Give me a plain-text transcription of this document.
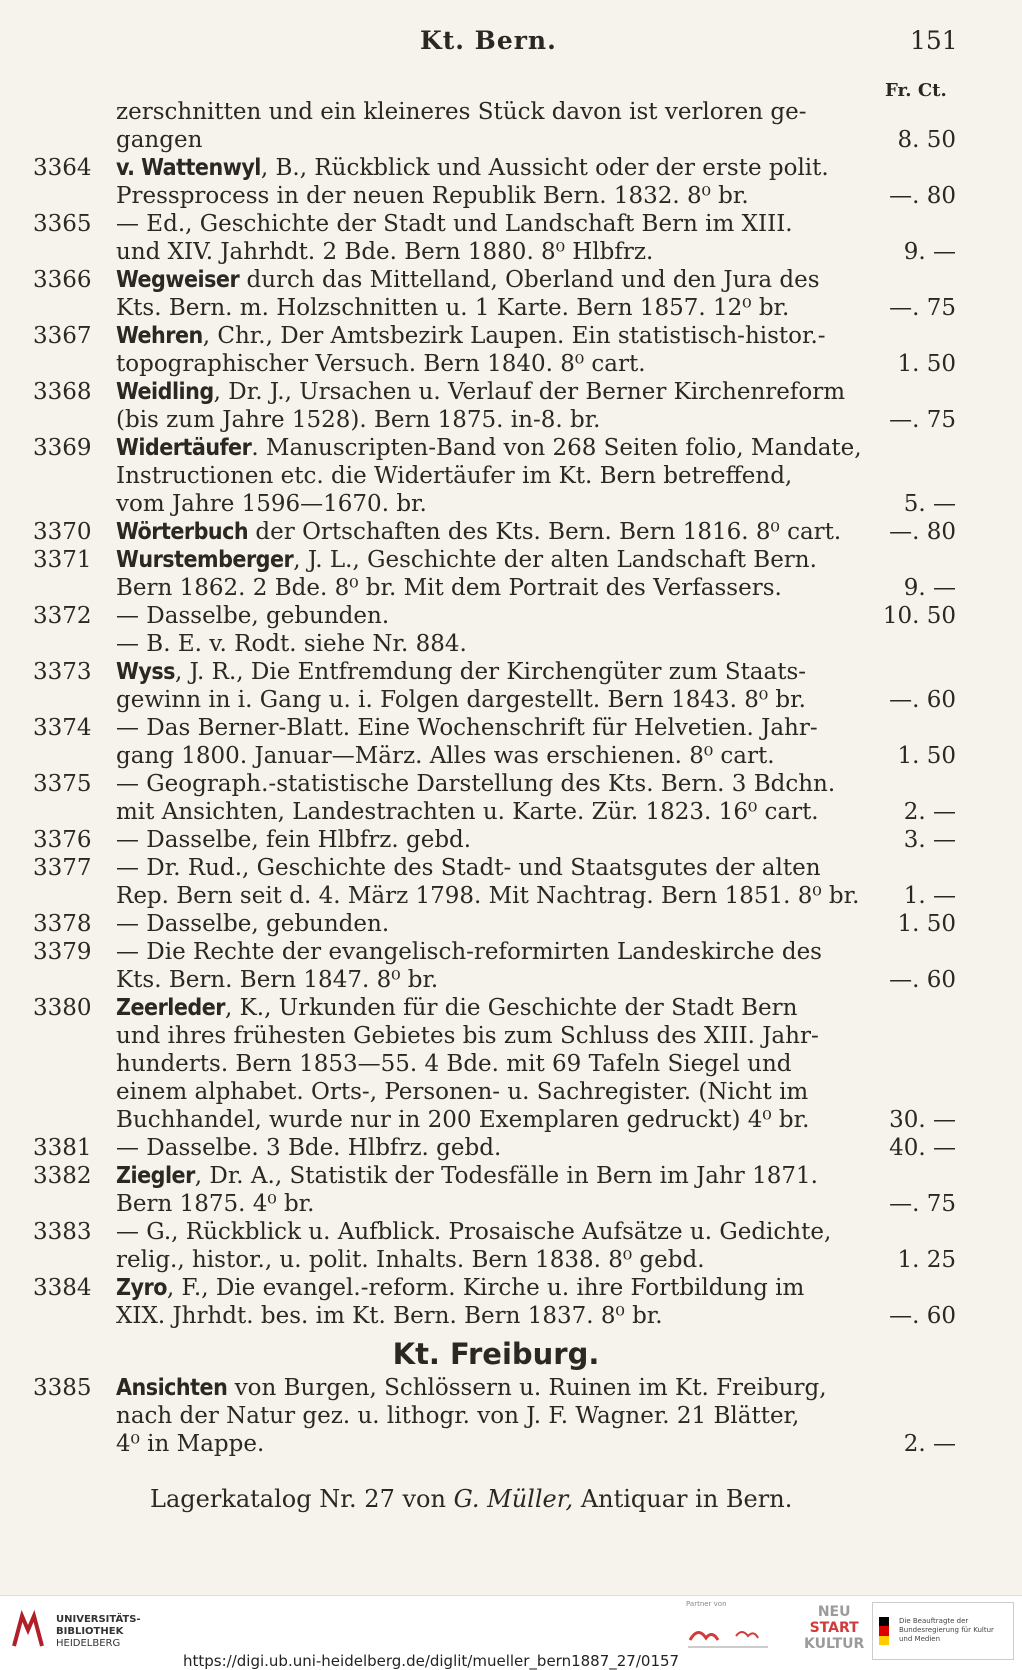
Kt. Bern.	151
Fr. Ct.
zerschnitten und ein kleineres Stück davon ist verloren ge-
gangen	8. 50
3364 v. Wattenwyl, B., Rückblick und Aussicht oder der erste polit.
Pressprocess in der neuen Republik Bern. 1832. 8⁰ br.	—. 80
3365 — Ed., Geschichte der Stadt und Landschaft Bern im XIII.
und XIV. Jahrhdt. 2 Bde. Bern 1880. 8⁰ Hlbfrz.	9. —
3366 Wegweiser durch das Mittelland, Oberland und den Jura des
Kts. Bern. m. Holzschnitten u. 1 Karte. Bern 1857. 12⁰ br.	—. 75
3367 Wehren, Chr., Der Amtsbezirk Laupen. Ein statistisch-histor.-
topographischer Versuch. Bern 1840. 8⁰ cart.	1. 50
3368 Weidling, Dr. J., Ursachen u. Verlauf der Berner Kirchenreform
(bis zum Jahre 1528). Bern 1875. in-8. br.	—. 75
3369 Widertäufer. Manuscripten-Band von 268 Seiten folio, Mandate,
Instructionen etc. die Widertäufer im Kt. Bern betreffend,
vom Jahre 1596—1670. br.	5. —
3370 Wörterbuch der Ortschaften des Kts. Bern. Bern 1816. 8⁰ cart.	—. 80
3371 Wurstemberger, J. L., Geschichte der alten Landschaft Bern.
Bern 1862. 2 Bde. 8⁰ br. Mit dem Portrait des Verfassers.	9. —
3372 — Dasselbe, gebunden.	10. 50
— B. E. v. Rodt. siehe Nr. 884.
3373 Wyss, J. R., Die Entfremdung der Kirchengüter zum Staats-
gewinn in i. Gang u. i. Folgen dargestellt. Bern 1843. 8⁰ br.	—. 60
3374 — Das Berner-Blatt. Eine Wochenschrift für Helvetien. Jahr-
gang 1800. Januar—März. Alles was erschienen. 8⁰ cart.	1. 50
3375 — Geograph.-statistische Darstellung des Kts. Bern. 3 Bdchn.
mit Ansichten, Landestrachten u. Karte. Zür. 1823. 16⁰ cart.	2. —
3376 — Dasselbe, fein Hlbfrz. gebd.	3. —
3377 — Dr. Rud., Geschichte des Stadt- und Staatsgutes der alten
Rep. Bern seit d. 4. März 1798. Mit Nachtrag. Bern 1851. 8⁰ br.	1. —
3378 — Dasselbe, gebunden.	1. 50
3379 — Die Rechte der evangelisch-reformirten Landeskirche des
Kts. Bern. Bern 1847. 8⁰ br.	—. 60
3380 Zeerleder, K., Urkunden für die Geschichte der Stadt Bern
und ihres frühesten Gebietes bis zum Schluss des XIII. Jahr-
hunderts. Bern 1853—55. 4 Bde. mit 69 Tafeln Siegel und
einem alphabet. Orts-, Personen- u. Sachregister. (Nicht im
Buchhandel, wurde nur in 200 Exemplaren gedruckt) 4⁰ br.	30. —
3381 — Dasselbe. 3 Bde. Hlbfrz. gebd.	40. —
3382 Ziegler, Dr. A., Statistik der Todesfälle in Bern im Jahr 1871.
Bern 1875. 4⁰ br.	—. 75
3383 — G., Rückblick u. Aufblick. Prosaische Aufsätze u. Gedichte,
relig., histor., u. polit. Inhalts. Bern 1838. 8⁰ gebd.	1. 25
3384 Zyro, F., Die evangel.-reform. Kirche u. ihre Fortbildung im
XIX. Jhrhdt. bes. im Kt. Bern. Bern 1837. 8⁰ br.	—. 60
Kt. Freiburg.
3385 Ansichten von Burgen, Schlössern u. Ruinen im Kt. Freiburg,
nach der Natur gez. u. lithogr. von J. F. Wagner. 21 Blätter,
4⁰ in Mappe.	2. —
Lagerkatalog Nr. 27 von G. Müller, Antiquar in Bern.
UNIVERSITÄTS-
BIBLIOTHEK
HEIDELBERG
Partner von	NEU
START
KULTUR
Die Beauftragte der Bundesregierung für Kultur und Medien
https://digi.ub.uni-heidelberg.de/diglit/mueller_bern1887_27/0157
